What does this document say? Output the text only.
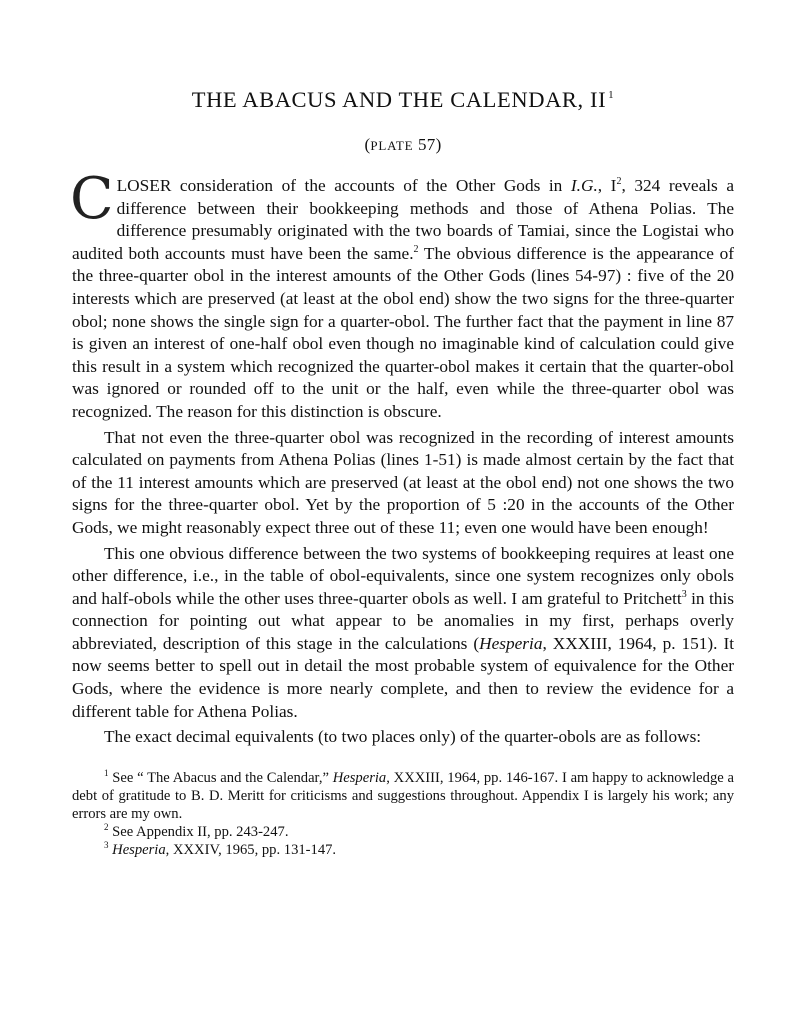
THE ABACUS AND THE CALENDAR, II $^1$
(PLATE 57)

CLOSER consideration of the accounts of the Other Gods in I.G., I$^2$, 324 reveals a difference between their bookkeeping methods and those of Athena Polias. The difference presumably originated with the two boards of Tamiai, since the Logistai who audited both accounts must have been the same.$^2$ The obvious difference is the appearance of the three-quarter obol in the interest amounts of the Other Gods (lines 54-97) : five of the 20 interests which are preserved (at least at the obol end) show the two signs for the three-quarter obol; none shows the single sign for a quarter-obol. The further fact that the payment in line 87 is given an interest of one-half obol even though no imaginable kind of calculation could give this result in a system which recognized the quarter-obol makes it certain that the quarter-obol was ignored or rounded off to the unit or the half, even while the three-quarter obol was recognized. The reason for this distinction is obscure.

That not even the three-quarter obol was recognized in the recording of interest amounts calculated on payments from Athena Polias (lines 1-51) is made almost certain by the fact that of the 11 interest amounts which are preserved (at least at the obol end) not one shows the two signs for the three-quarter obol. Yet by the proportion of 5 :20 in the accounts of the Other Gods, we might reasonably expect three out of these 11; even one would have been enough!

This one obvious difference between the two systems of bookkeeping requires at least one other difference, i.e., in the table of obol-equivalents, since one system recognizes only obols and half-obols while the other uses three-quarter obols as well. I am grateful to Pritchett$^3$ in this connection for pointing out what appear to be anomalies in my first, perhaps overly abbreviated, description of this stage in the calculations (Hesperia, XXXIII, 1964, p. 151). It now seems better to spell out in detail the most probable system of equivalence for the Other Gods, where the evidence is more nearly complete, and then to review the evidence for a different table for Athena Polias.

The exact decimal equivalents (to two places only) of the quarter-obols are as follows:

$^1$ See “ The Abacus and the Calendar,” Hesperia, XXXIII, 1964, pp. 146-167. I am happy to acknowledge a debt of gratitude to B. D. Meritt for criticisms and suggestions throughout. Appendix I is largely his work; any errors are my own.

$^2$ See Appendix II, pp. 243-247.

$^3$ Hesperia, XXXIV, 1965, pp. 131-147.
